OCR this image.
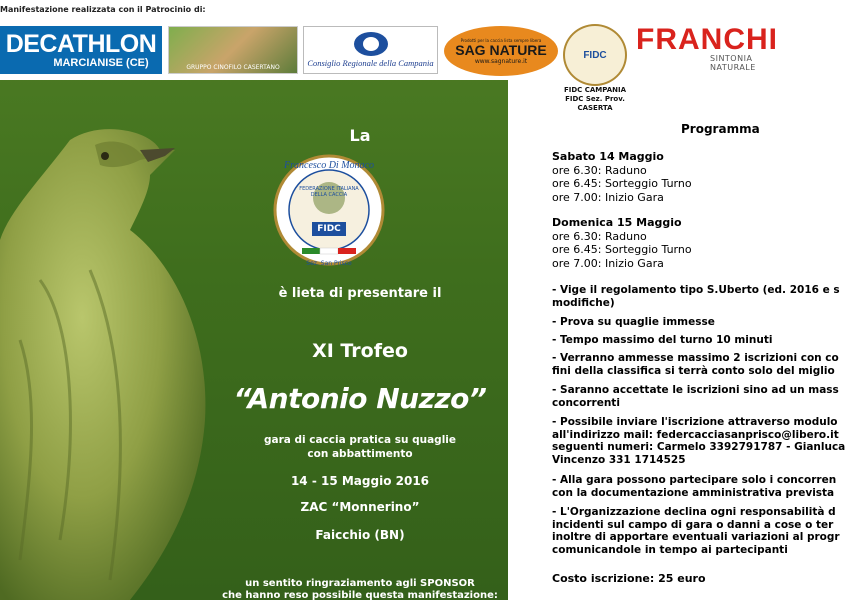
La
Francesco Di Monaco
FEDERAZIONE ITALIANA DELLA CACCIA
FIDC
Sez. San Prisco
è lieta di presentare il
XI Trofeo
“Antonio Nuzzo”
gara di caccia pratica su quaglie
con abbattimento
14 - 15 Maggio 2016
ZAC “Monnerino”
Faicchio (BN)
un sentito ringraziamento agli SPONSOR
che hanno reso possibile questa manifestazione:
Manifestazione realizzata con il Patrocinio di:
DECATHLON
MARCIANISE (CE)	GRUPPO CINOFILO CASERTANO	Consiglio Regionale della Campania
Prodotti per la caccia lista sempre libera
SAG NATURE
www.sagnature.it
FIDC
FIDC CAMPANIA
FIDC Sez. Prov. CASERTA
FRANCHI
SINTONIA NATURALE
Programma
Sabato 14 Maggio
ore 6.30: Raduno
ore 6.45: Sorteggio Turno
ore 7.00: Inizio Gara
Domenica 15 Maggio
ore 6.30: Raduno
ore 6.45: Sorteggio Turno
ore 7.00: Inizio Gara
- Vige il regolamento tipo S.Uberto (ed. 2016 e s
modifiche)
- Prova su quaglie immesse
- Tempo massimo del turno 10 minuti
- Verranno ammesse massimo 2 iscrizioni con co
fini della classifica si terrà conto solo del miglio
- Saranno accettate le iscrizioni sino ad un mass
concorrenti
- Possibile inviare l'iscrizione attraverso modulo
all'indirizzo mail: federcacciasanprisco@libero.it
seguenti numeri: Carmelo 3392791787 - Gianluca
Vincenzo 331 1714525
- Alla gara possono partecipare solo i concorren
con la documentazione amministrativa prevista
- L'Organizzazione declina ogni responsabilità d
incidenti sul campo di gara o danni a cose o ter
inoltre di apportare eventuali variazioni al progr
comunicandole in tempo ai partecipanti
Costo iscrizione: 25 euro
